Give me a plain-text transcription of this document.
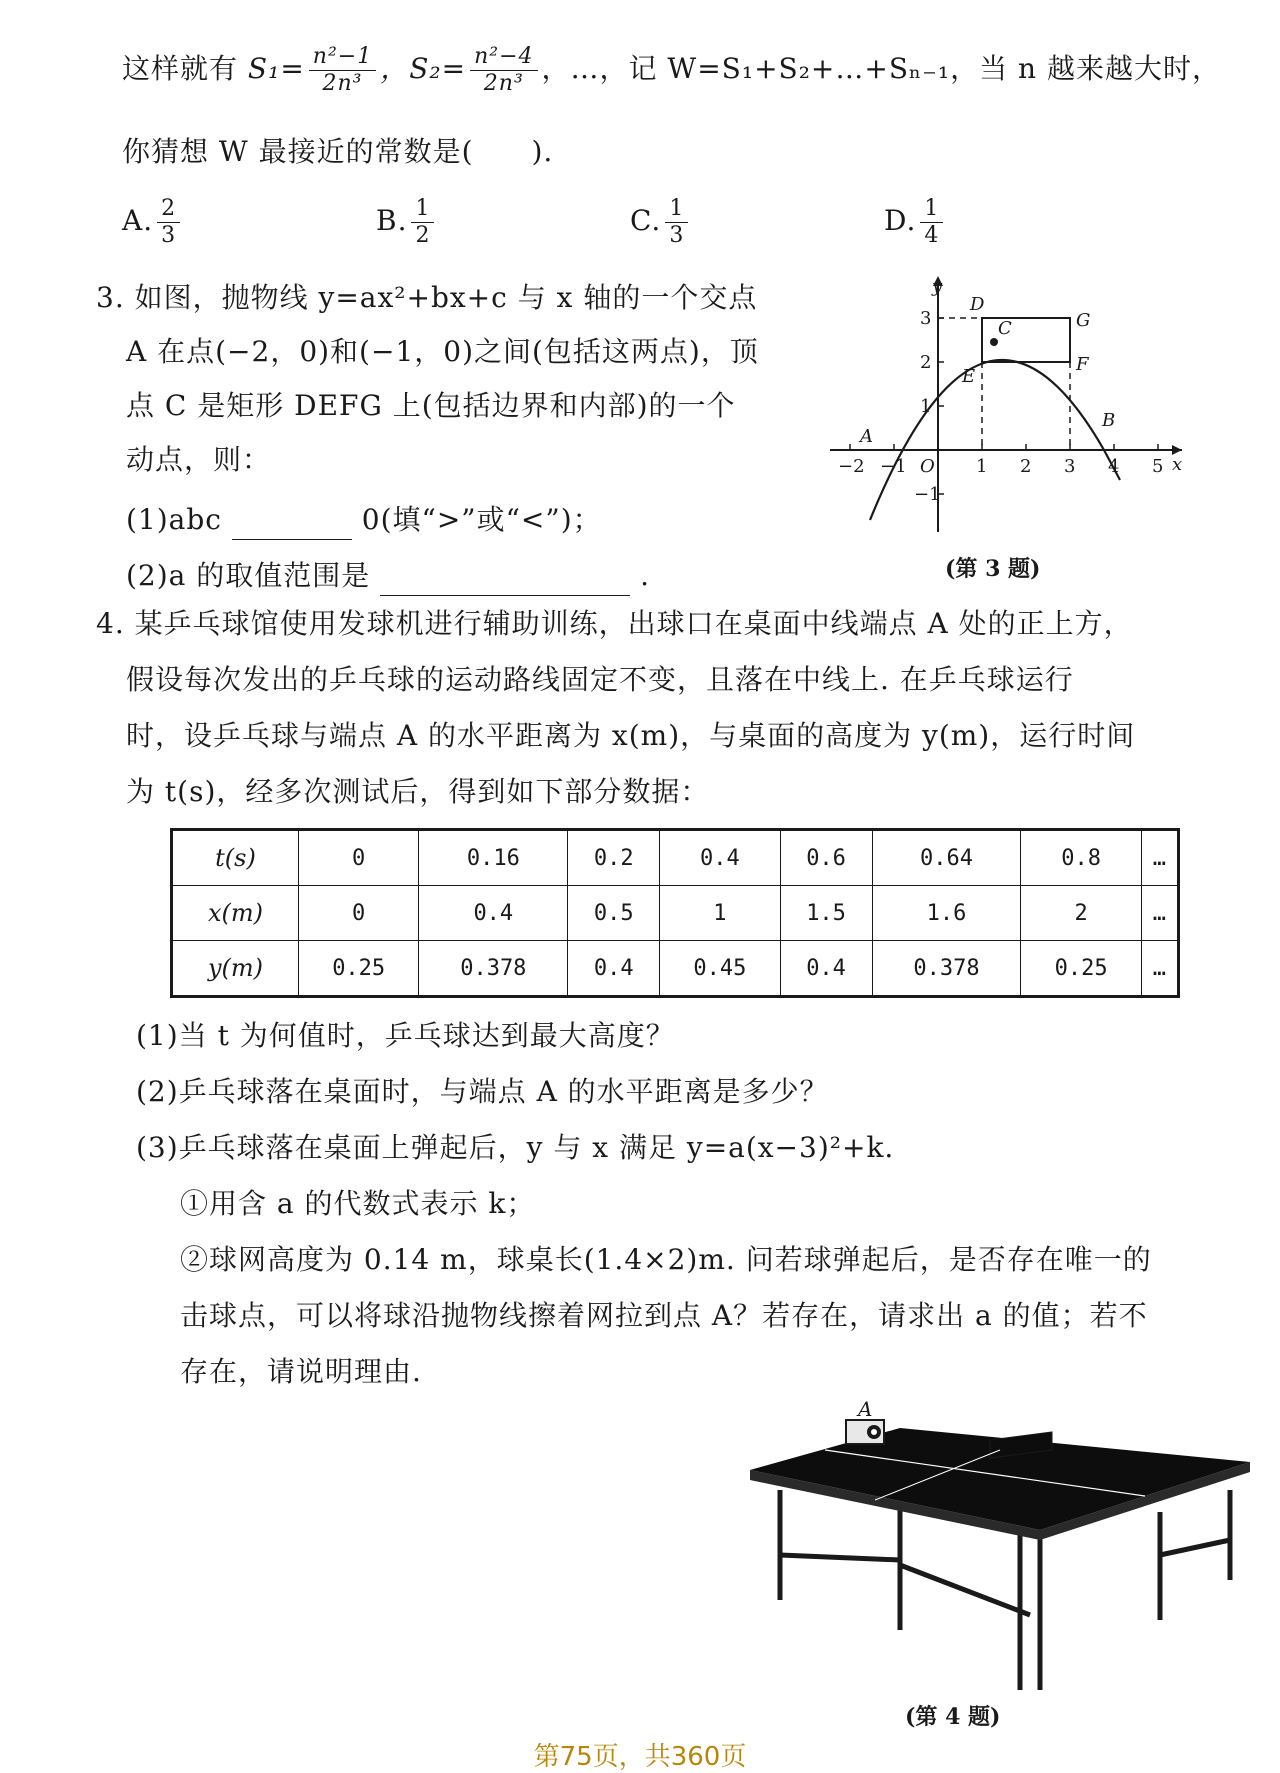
这样就有 $S_1= \frac{\text{n²−1}}{\text{2n³}}$ ，$S_2= \frac{\text{n²−4}}{\text{2n³}}$ ，…，记 W=S₁+S₂+…+Sₙ₋₁，当 n 越来越大时，
你猜想 W 最接近的常数是(　　).
A. $\frac{2}{3}$	B. $\frac{1}{2}$	C. $\frac{1}{3}$	D. $\frac{1}{4}$
3. 如图，抛物线 y=ax²+bx+c 与 x 轴的一个交点
A 在点(−2，0)和(−1，0)之间(包括这两点)，顶
点 C 是矩形 DEFG 上(包括边界和内部)的一个
动点，则：
(1)abc	0(填“>”或“<”)；
(2)a 的取值范围是	.
y
x
O
−2 −1	1 2 3 4 5
3
2
1
−1
A
B
C
D
E
F
G
(第 3 题)
4. 某乒乓球馆使用发球机进行辅助训练，出球口在桌面中线端点 A 处的正上方，
假设每次发出的乒乓球的运动路线固定不变，且落在中线上. 在乒乓球运行
时，设乒乓球与端点 A 的水平距离为 x(m)，与桌面的高度为 y(m)，运行时间
为 t(s)，经多次测试后，得到如下部分数据：
t(s)	0	0.16	0.2	0.4	0.6	0.64	0.8	…
x(m)	0	0.4	0.5	1	1.5	1.6	2	…
y(m)	0.25	0.378	0.4	0.45	0.4	0.378	0.25	…
(1)当 t 为何值时，乒乓球达到最大高度？
(2)乒乓球落在桌面时，与端点 A 的水平距离是多少？
(3)乒乓球落在桌面上弹起后，y 与 x 满足 y=a(x−3)²+k.
①用含 a 的代数式表示 k；
②球网高度为 0.14 m，球桌长(1.4×2)m. 问若球弹起后，是否存在唯一的
击球点，可以将球沿抛物线擦着网拉到点 A？若存在，请求出 a 的值；若不
存在，请说明理由.
A
(第 4 题)
第75页，共360页
